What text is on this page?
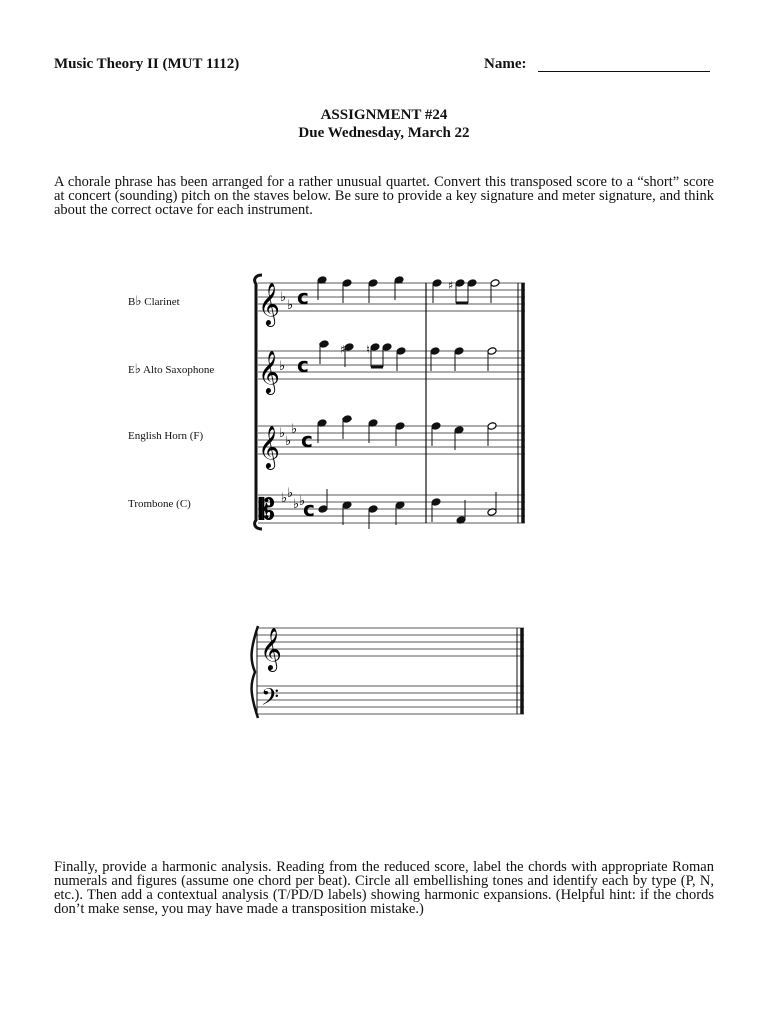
Music Theory II (MUT 1112)	Name:
ASSIGNMENT #24
Due Wednesday, March 22
A chorale phrase has been arranged for a rather unusual quartet. Convert this transposed score to a “short” score at concert (sounding) pitch on the staves below. Be sure to provide a key signature and meter signature, and think about the correct octave for each instrument.
B♭ Clarinet
E♭ Alto Saxophone
English Horn (F)
Trombone (C)
𝄞
𝄞
𝄞
𝄡
♭
♭
♭
♭
♭
♭
♭ ♭
♭ ♭
c
c
c
c
♯
♯ ♮
𝄞
𝄢
Finally, provide a harmonic analysis. Reading from the reduced score, label the chords with appropriate Roman numerals and figures (assume one chord per beat). Circle all embellishing tones and identify each by type (P, N, etc.). Then add a contextual analysis (T/PD/D labels) showing harmonic expansions. (Helpful hint: if the chords don’t make sense, you may have made a transposition mistake.)
